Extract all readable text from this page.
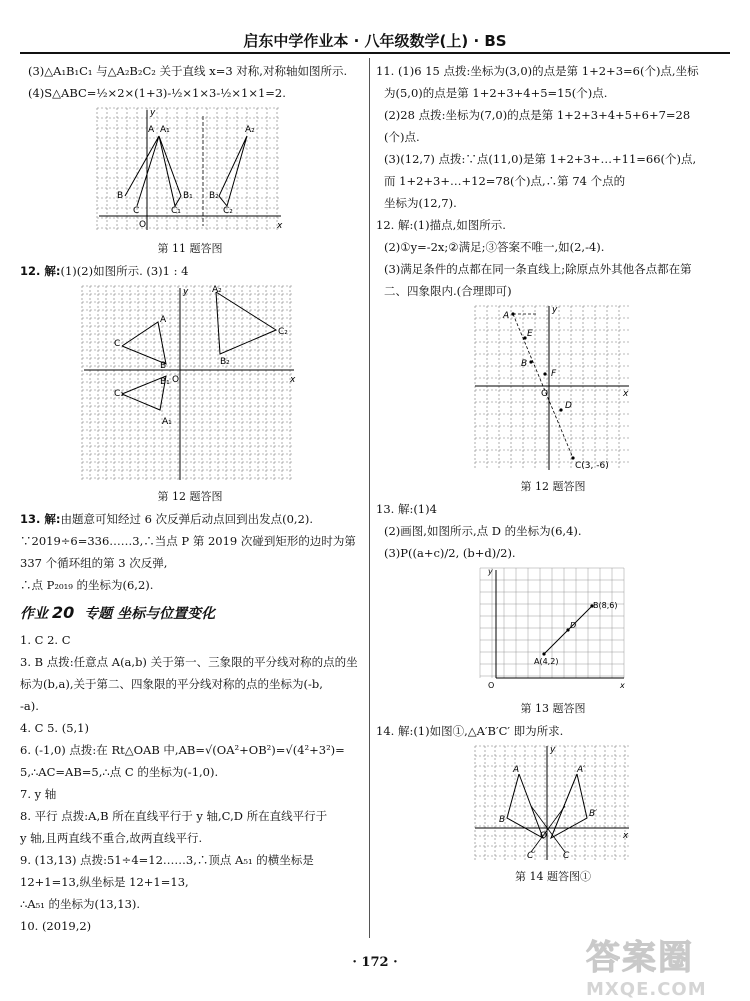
启东中学作业本 · 八年级数学(上) · BS
(3)△A₁B₁C₁ 与△A₂B₂C₂ 关于直线 x=3 对称,对称轴如图所示.
(4)S△ABC=½×2×(1+3)-½×1×3-½×1×1=2.
A A₁	A₂
B	B₁ B₂
C	C₁	C₂
O	x
y
第 11 题答图
12. 解:(1)(2)如图所示. (3)1 : 4
A
A₁
A₂
B
B₁
B₂
C
C₁
C₂
O	x
y
第 12 题答图
13. 解:由题意可知经过 6 次反弹后动点回到出发点(0,2).
∵2019÷6=336……3,∴当点 P 第 2019 次碰到矩形的边时为第
337 个循环组的第 3 次反弹,
∴点 P₂₀₁₉ 的坐标为(6,2).
作业 20 专题 坐标与位置变化
1. C 2. C
3. B 点拨:任意点 A(a,b) 关于第一、三象限的平分线对称的点的坐
标为(b,a),关于第二、四象限的平分线对称的点的坐标为(-b,
-a).
4. C 5. (5,1)
6. (-1,0) 点拨:在 Rt△OAB 中,AB=√(OA²+OB²)=√(4²+3²)=
5,∴AC=AB=5,∴点 C 的坐标为(-1,0).
7. y 轴
8. 平行 点拨:A,B 所在直线平行于 y 轴,C,D 所在直线平行于
y 轴,且两直线不重合,故两直线平行.
9. (13,13) 点拨:51÷4=12……3,∴顶点 A₅₁ 的横坐标是
12+1=13,纵坐标是 12+1=13,
∴A₅₁ 的坐标为(13,13).
10. (2019,2)
11. (1)6 15 点拨:坐标为(3,0)的点是第 1+2+3=6(个)点,坐标
为(5,0)的点是第 1+2+3+4+5=15(个)点.
(2)28 点拨:坐标为(7,0)的点是第 1+2+3+4+5+6+7=28
(个)点.
(3)(12,7) 点拨:∵点(11,0)是第 1+2+3+…+11=66(个)点,
而 1+2+3+…+12=78(个)点,∴第 74 个点的
坐标为(12,7).
12. 解:(1)描点,如图所示.
(2)①y=-2x;②满足;③答案不唯一,如(2,-4).
(3)满足条件的点都在同一条直线上;除原点外其他各点都在第
二、四象限内.(合理即可)
A
E
B
F
D
C(3, -6)
O	x
y
第 12 题答图
13. 解:(1)4
(2)画图,如图所示,点 D 的坐标为(6,4).
(3)P((a+c)/2, (b+d)/2).
A(4,2)
B(8,6)
D
O	x
y
第 13 题答图
14. 解:(1)如图①,△A′B′C′ 即为所求.
A	A′
B
B′
C
C′
O	x
y
第 14 题答图①
· 172 ·	答案圈
MXQE.COM
